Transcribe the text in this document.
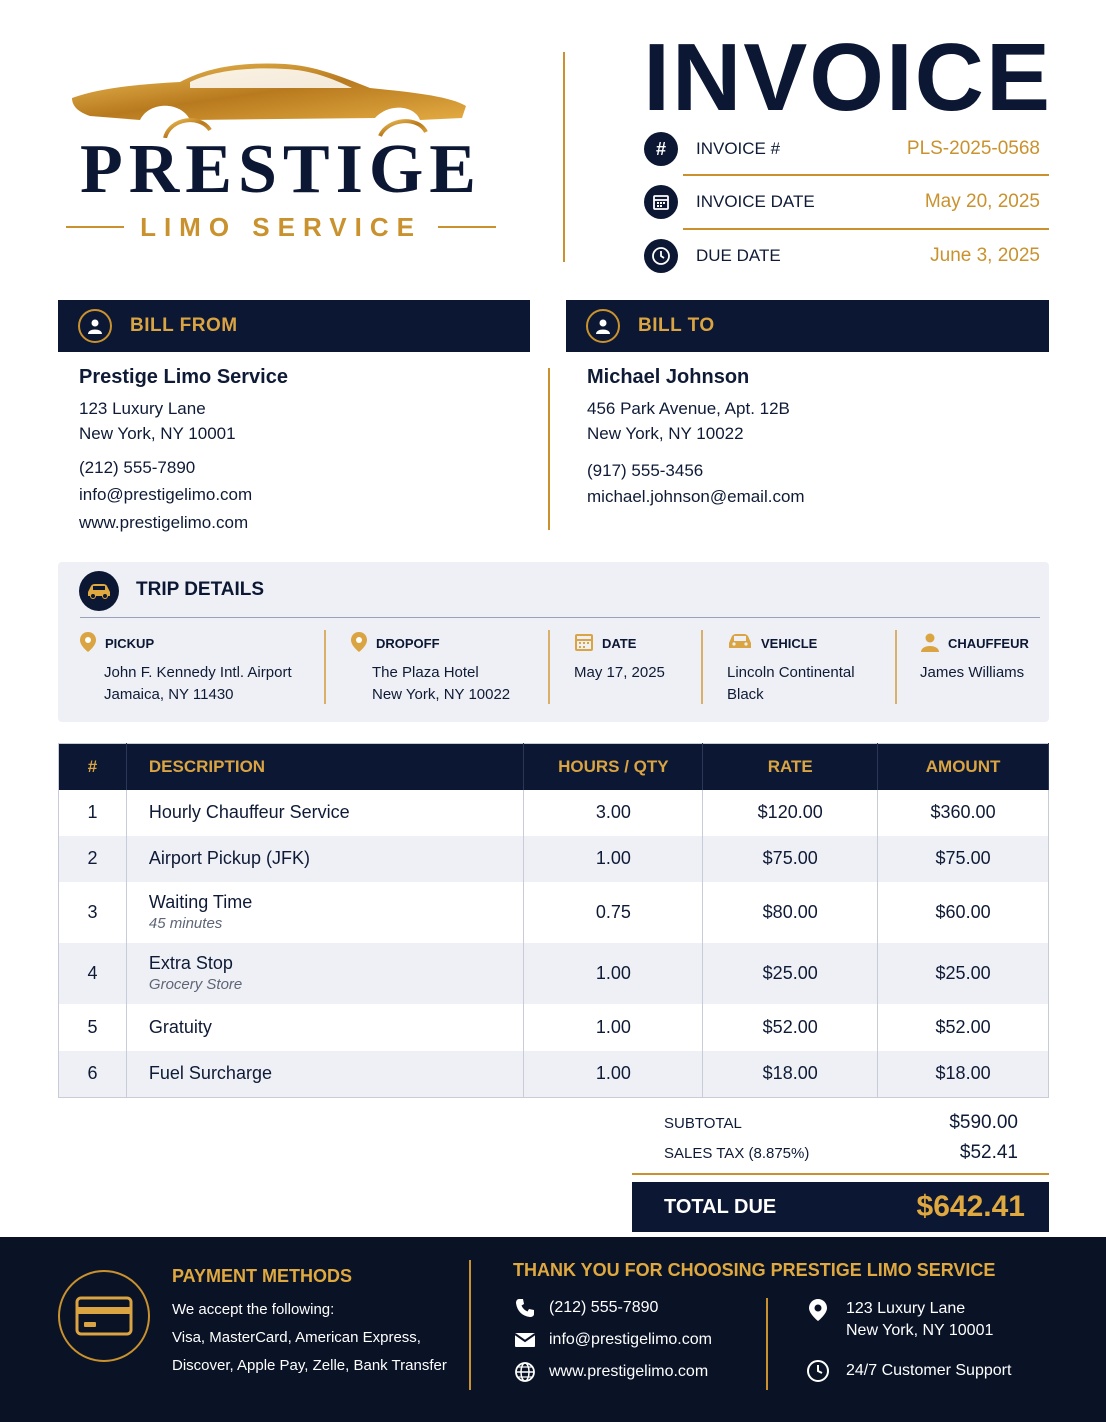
PRESTIGE
LIMO SERVICE
INVOICE
#	INVOICE #	PLS-2025-0568
INVOICE DATE	May 20, 2025
DUE DATE	June 3, 2025
BILL FROM	BILL TO
Prestige Limo Service
123 Luxury Lane
New York, NY 10001
(212) 555-7890
info@prestigelimo.com
www.prestigelimo.com
Michael Johnson
456 Park Avenue, Apt. 12B
New York, NY 10022
(917) 555-3456
michael.johnson@email.com
TRIP DETAILS
PICKUP
John F. Kennedy Intl. Airport
Jamaica, NY 11430
DROPOFF
The Plaza Hotel
New York, NY 10022
DATE
May 17, 2025
VEHICLE
Lincoln Continental
Black
CHAUFFEUR
James Williams
#	DESCRIPTION	HOURS / QTY	RATE	AMOUNT
1	Hourly Chauffeur Service	3.00	$120.00	$360.00
2	Airport Pickup (JFK)	1.00	$75.00	$75.00
3	Waiting Time
45 minutes	0.75	$80.00	$60.00
4	Extra Stop
Grocery Store	1.00	$25.00	$25.00
5	Gratuity	1.00	$52.00	$52.00
6	Fuel Surcharge	1.00	$18.00	$18.00
SUBTOTAL	$590.00
SALES TAX (8.875%)	$52.41
TOTAL DUE	$642.41
PAYMENT METHODS
We accept the following:
Visa, MasterCard, American Express,
Discover, Apple Pay, Zelle, Bank Transfer
THANK YOU FOR CHOOSING PRESTIGE LIMO SERVICE
(212) 555-7890
info@prestigelimo.com
www.prestigelimo.com
123 Luxury Lane
New York, NY 10001
24/7 Customer Support
